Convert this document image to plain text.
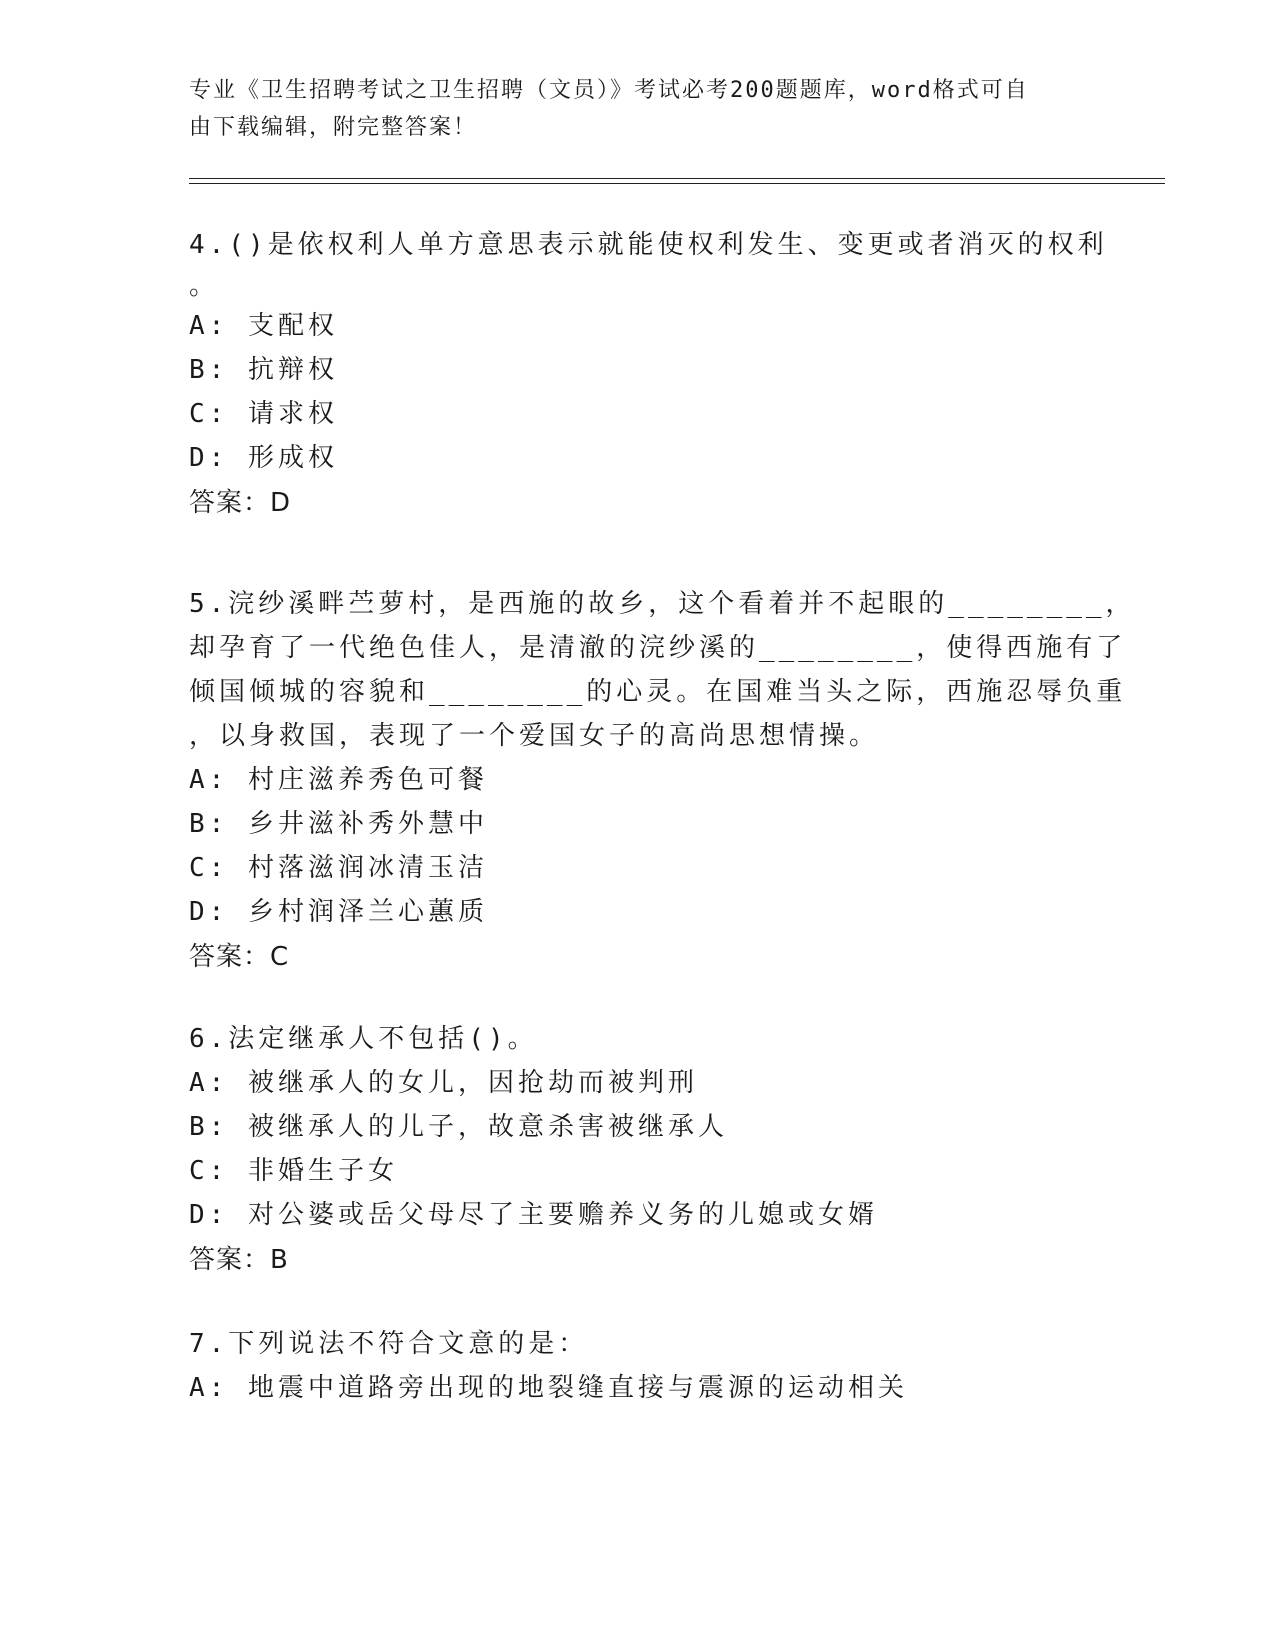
专业《卫生招聘考试之卫生招聘（文员）》考试必考200题题库，word格式可自
由下载编辑，附完整答案！
4.()是依权利人单方意思表示就能使权利发生、变更或者消灭的权利
。
A: 支配权
B: 抗辩权
C: 请求权
D: 形成权
答案：D
5.浣纱溪畔苎萝村，是西施的故乡，这个看着并不起眼的________，
却孕育了一代绝色佳人，是清澈的浣纱溪的________，使得西施有了
倾国倾城的容貌和________的心灵。在国难当头之际，西施忍辱负重
，以身救国，表现了一个爱国女子的高尚思想情操。
A: 村庄滋养秀色可餐
B: 乡井滋补秀外慧中
C: 村落滋润冰清玉洁
D: 乡村润泽兰心蕙质
答案：C
6.法定继承人不包括()。
A: 被继承人的女儿，因抢劫而被判刑
B: 被继承人的儿子，故意杀害被继承人
C: 非婚生子女
D: 对公婆或岳父母尽了主要赡养义务的儿媳或女婿
答案：B
7.下列说法不符合文意的是：
A: 地震中道路旁出现的地裂缝直接与震源的运动相关
